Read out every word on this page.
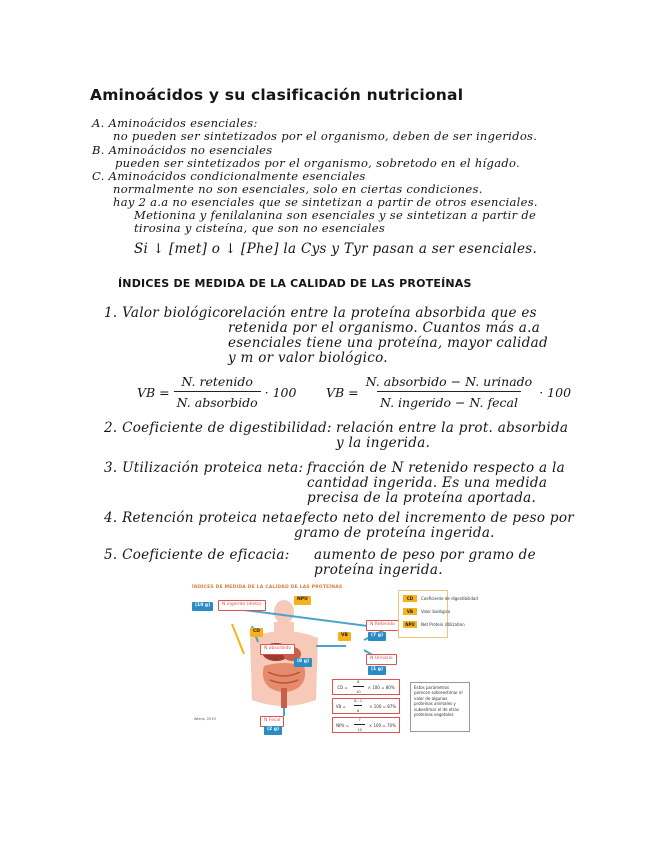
Aminoácidos y su clasificación nutricional
A. Aminoácidos esenciales:
no pueden ser sintetizados por el organismo, deben de ser ingeridos.
B. Aminoácidos no esenciales
pueden ser sintetizados por el organismo, sobretodo en el hígado.
C. Aminoácidos condicionalmente esenciales
normalmente no son esenciales, solo en ciertas condiciones.
hay 2 a.a no esenciales que se sintetizan a partir de otros esenciales.
Metionina y fenilalanina son esenciales y se sintetizan a partir de
tirosina y cisteína, que son no esenciales
Si ↓ [met] o ↓ [Phe] la Cys y Tyr pasan a ser esenciales.
ÍNDICES DE MEDIDA DE LA CALIDAD DE LAS PROTEÍNAS
1. Valor biológico:
relación entre la proteína absorbida que es
retenida por el organismo. Cuantos más a.a
esenciales tiene una proteína, mayor calidad
y m or valor biológico.
VB = $\frac{\text{N. retenido}}{\text{N. absorbido}} \cdot 100$ VB = $\frac{\text{N. absorbido − N. urinado}}{\text{N. ingerido − N. fecal}} \cdot 100$
2. Coeficiente de digestibilidad: relación entre la prot. absorbida
y la ingerida.
3. Utilización proteica neta: fracción de N retenido respecto a la
cantidad ingerida. Es una medida
precisa de la proteína aportada.
4. Retención proteica neta:
efecto neto del incremento de peso por
gramo de proteína ingerida.
5. Coeficiente de eficacia: aumento de peso por gramo de
proteína ingerida.
ÍNDICES DE MEDIDA DE LA CALIDAD DE LAS PROTEÍNAS
(10 g)	N ingerido (dieta)
NPU
CD
N absorbido
(8 g)
VB
N Retenido
(7 g)
N Urinario
(1 g)
N Fecal
(2 g)
CD	Coeficiente de digestibilidad
VB	Valor biológico
NPU	Net Protein Utilization
CD =
$\frac{8}{10} \times 100 = 80\%$
VB =
$\frac{8 - 1}{8} \times 100 = 87\%$
NPU =
$\frac{7}{10} \times 100 = 70\%$
Estos parámetros parecen sobreestimar el valor de algunas proteínas animales y subestimar el de otras proteínas vegetales
Wiens, 2019
